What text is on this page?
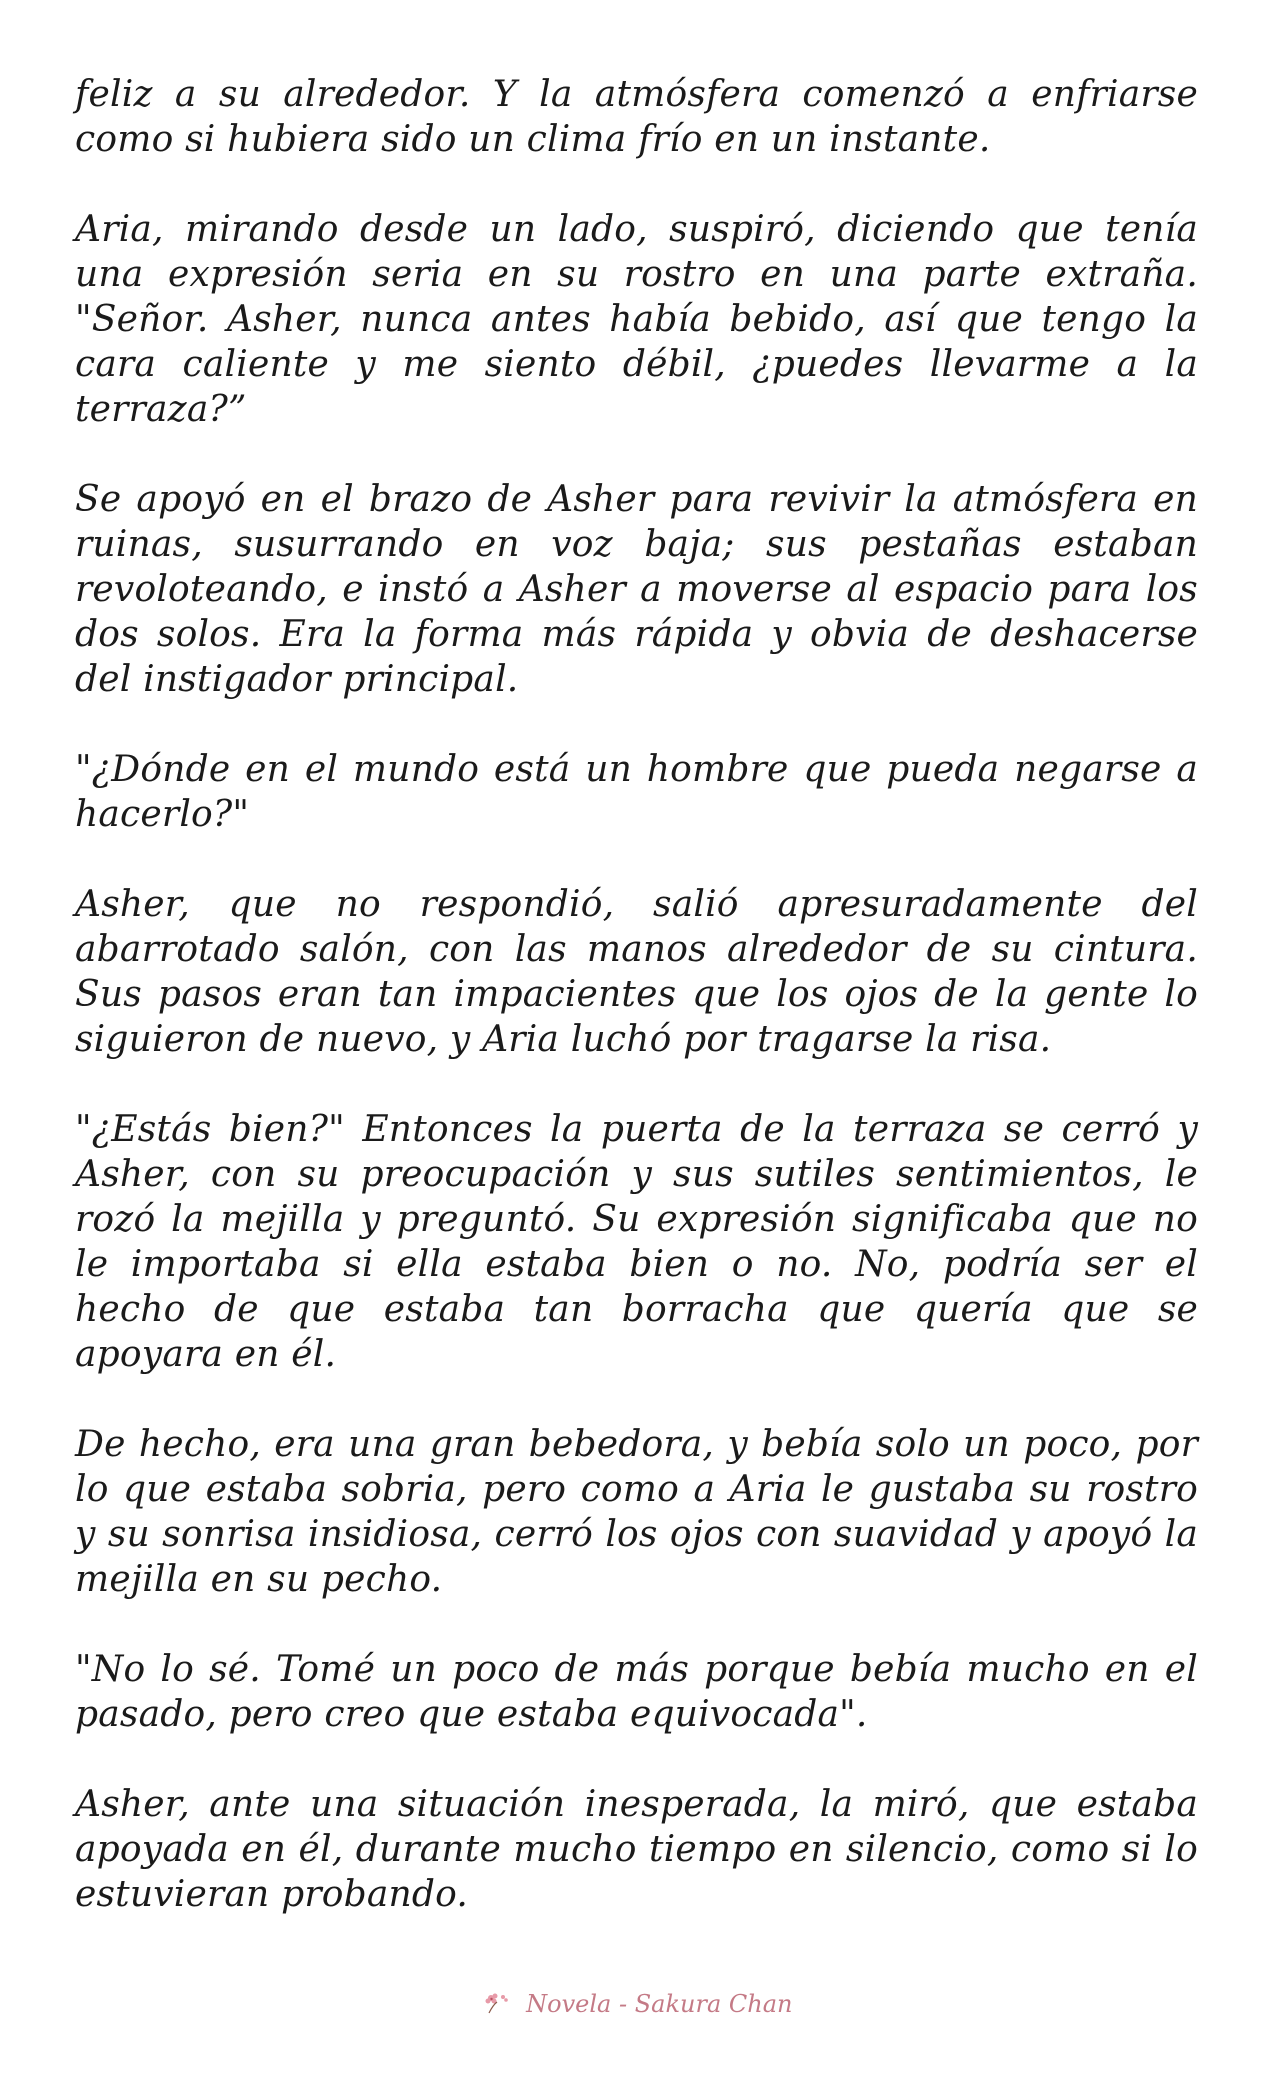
feliz a su alrededor. Y la atmósfera comenzó a enfriarse como si hubiera sido un clima frío en un instante.

Aria, mirando desde un lado, suspiró, diciendo que tenía una expresión seria en su rostro en una parte extraña. "Señor. Asher, nunca antes había bebido, así que tengo la cara caliente y me siento débil, ¿puedes llevarme a la terraza?”

Se apoyó en el brazo de Asher para revivir la atmósfera en ruinas, susurrando en voz baja; sus pestañas estaban revoloteando, e instó a Asher a moverse al espacio para los dos solos. Era la forma más rápida y obvia de deshacerse del instigador principal.

"¿Dónde en el mundo está un hombre que pueda negarse a hacerlo?"

Asher, que no respondió, salió apresuradamente del abarrotado salón, con las manos alrededor de su cintura. Sus pasos eran tan impacientes que los ojos de la gente lo siguieron de nuevo, y Aria luchó por tragarse la risa.

"¿Estás bien?" Entonces la puerta de la terraza se cerró y Asher, con su preocupación y sus sutiles sentimientos, le rozó la mejilla y preguntó. Su expresión significaba que no le importaba si ella estaba bien o no. No, podría ser el hecho de que estaba tan borracha que quería que se apoyara en él.

De hecho, era una gran bebedora, y bebía solo un poco, por lo que estaba sobria, pero como a Aria le gustaba su rostro y su sonrisa insidiosa, cerró los ojos con suavidad y apoyó la mejilla en su pecho.

"No lo sé. Tomé un poco de más porque bebía mucho en el pasado, pero creo que estaba equivocada".

Asher, ante una situación inesperada, la miró, que estaba apoyada en él, durante mucho tiempo en silencio, como si lo estuvieran probando.

Novela - Sakura Chan
